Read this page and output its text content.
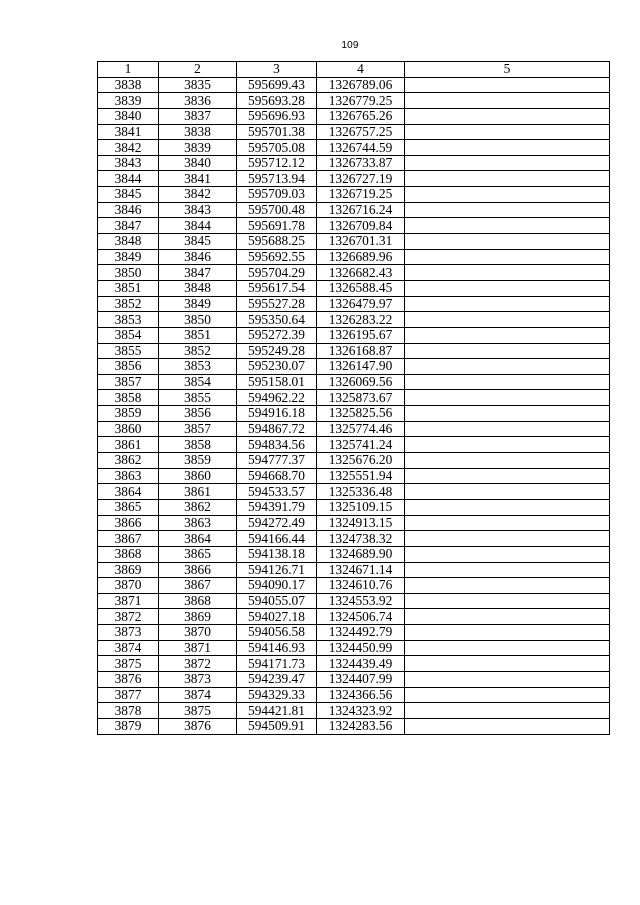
109
1	2	3	4	5
3838	3835	595699.43	1326789.06	
3839	3836	595693.28	1326779.25	
3840	3837	595696.93	1326765.26	
3841	3838	595701.38	1326757.25	
3842	3839	595705.08	1326744.59	
3843	3840	595712.12	1326733.87	
3844	3841	595713.94	1326727.19	
3845	3842	595709.03	1326719.25	
3846	3843	595700.48	1326716.24	
3847	3844	595691.78	1326709.84	
3848	3845	595688.25	1326701.31	
3849	3846	595692.55	1326689.96	
3850	3847	595704.29	1326682.43	
3851	3848	595617.54	1326588.45	
3852	3849	595527.28	1326479.97	
3853	3850	595350.64	1326283.22	
3854	3851	595272.39	1326195.67	
3855	3852	595249.28	1326168.87	
3856	3853	595230.07	1326147.90	
3857	3854	595158.01	1326069.56	
3858	3855	594962.22	1325873.67	
3859	3856	594916.18	1325825.56	
3860	3857	594867.72	1325774.46	
3861	3858	594834.56	1325741.24	
3862	3859	594777.37	1325676.20	
3863	3860	594668.70	1325551.94	
3864	3861	594533.57	1325336.48	
3865	3862	594391.79	1325109.15	
3866	3863	594272.49	1324913.15	
3867	3864	594166.44	1324738.32	
3868	3865	594138.18	1324689.90	
3869	3866	594126.71	1324671.14	
3870	3867	594090.17	1324610.76	
3871	3868	594055.07	1324553.92	
3872	3869	594027.18	1324506.74	
3873	3870	594056.58	1324492.79	
3874	3871	594146.93	1324450.99	
3875	3872	594171.73	1324439.49	
3876	3873	594239.47	1324407.99	
3877	3874	594329.33	1324366.56	
3878	3875	594421.81	1324323.92	
3879	3876	594509.91	1324283.56	
